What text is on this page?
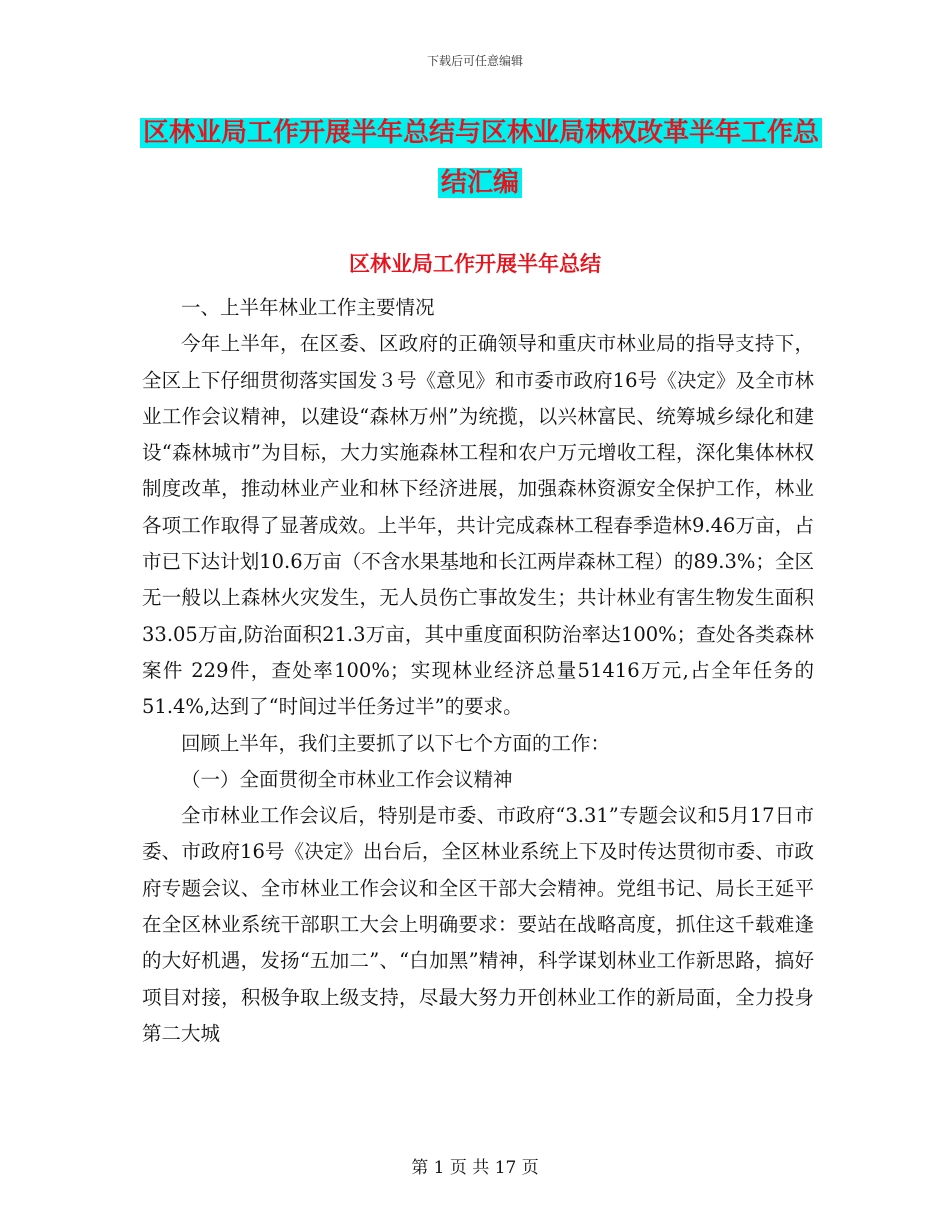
下载后可任意编辑
区林业局工作开展半年总结与区林业局林权改革半年工作总结汇编
区林业局工作开展半年总结

一、上半年林业工作主要情况

今年上半年，在区委、区政府的正确领导和重庆市林业局的指导支持下，全区上下仔细贯彻落实国发３号《意见》和市委市政府16号《决定》及全市林业工作会议精神，以建设“森林万州”为统揽，以兴林富民、统筹城乡绿化和建设“森林城市”为目标，大力实施森林工程和农户万元增收工程，深化集体林权制度改革，推动林业产业和林下经济进展，加强森林资源安全保护工作，林业各项工作取得了显著成效。上半年，共计完成森林工程春季造林9.46万亩，占市已下达计划10.6万亩（不含水果基地和长江两岸森林工程）的89.3%；全区无一般以上森林火灾发生，无人员伤亡事故发生；共计林业有害生物发生面积33.05万亩,防治面积21.3万亩，其中重度面积防治率达100%；查处各类森林案件 229件，查处率100%；实现林业经济总量51416万元,占全年任务的51.4%,达到了“时间过半任务过半”的要求。

回顾上半年，我们主要抓了以下七个方面的工作：

（一）全面贯彻全市林业工作会议精神

全市林业工作会议后，特别是市委、市政府“3.31”专题会议和5月17日市委、市政府16号《决定》出台后，全区林业系统上下及时传达贯彻市委、市政府专题会议、全市林业工作会议和全区干部大会精神。党组书记、局长王延平在全区林业系统干部职工大会上明确要求：要站在战略高度，抓住这千载难逢的大好机遇，发扬“五加二”、“白加黑”精神，科学谋划林业工作新思路，搞好项目对接，积极争取上级支持，尽最大努力开创林业工作的新局面，全力投身第二大城

第 1 页 共 17 页
